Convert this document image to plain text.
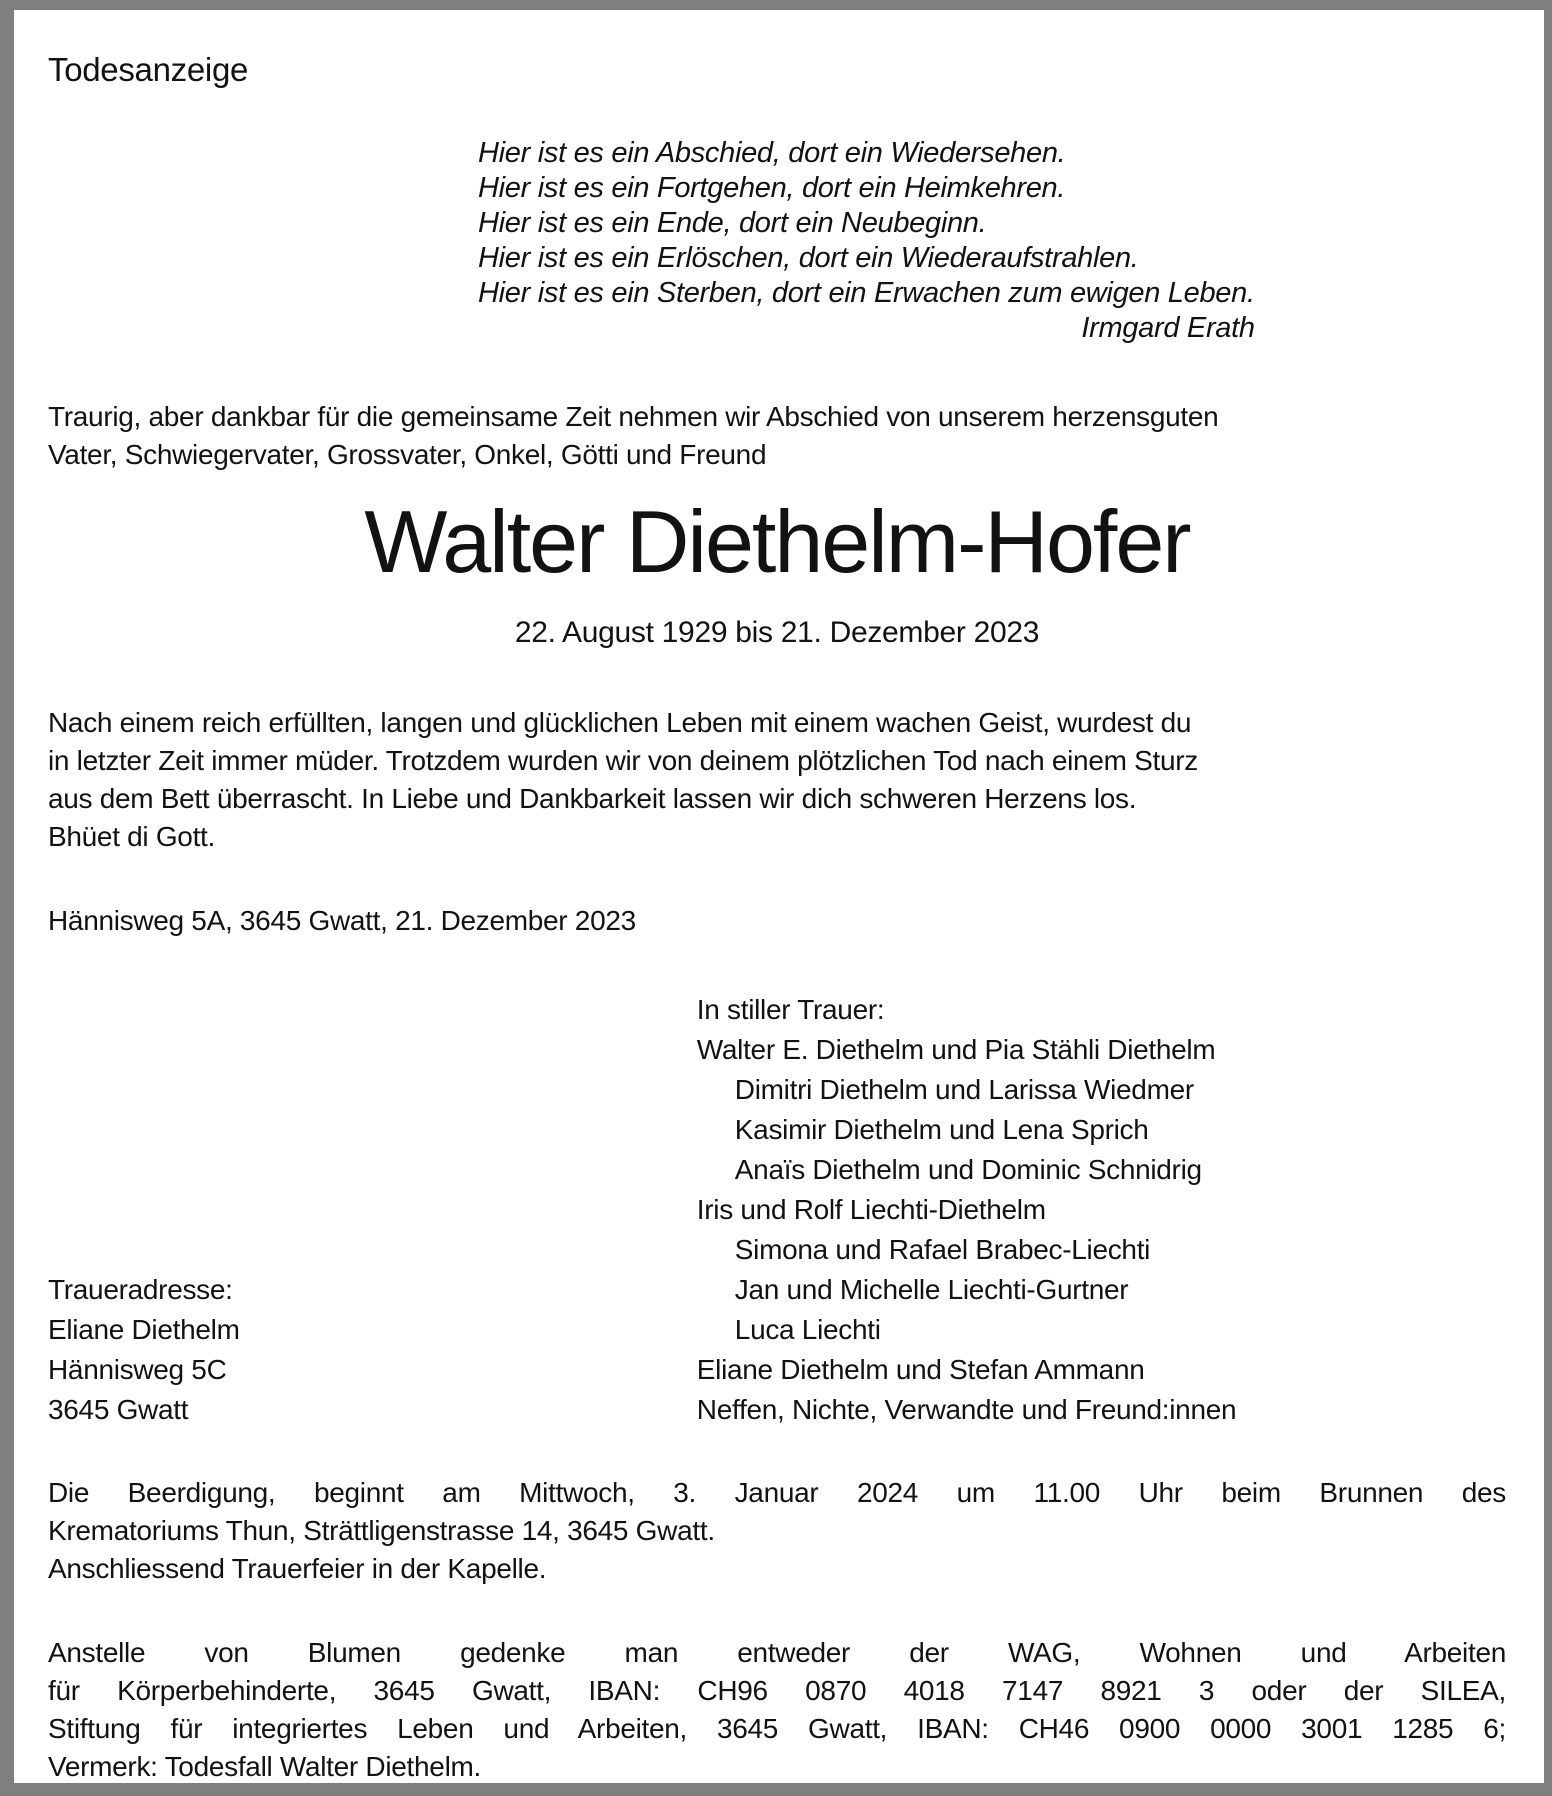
Todesanzeige
Hier ist es ein Abschied, dort ein Wiedersehen.
Hier ist es ein Fortgehen, dort ein Heimkehren.
Hier ist es ein Ende, dort ein Neubeginn.
Hier ist es ein Erlöschen, dort ein Wiederaufstrahlen.
Hier ist es ein Sterben, dort ein Erwachen zum ewigen Leben.
Irmgard Erath
Traurig, aber dankbar für die gemeinsame Zeit nehmen wir Abschied von unserem herzensguten
Vater, Schwiegervater, Grossvater, Onkel, Götti und Freund
Walter Diethelm-Hofer
22. August 1929 bis 21. Dezember 2023
Nach einem reich erfüllten, langen und glücklichen Leben mit einem wachen Geist, wurdest du
in letzter Zeit immer müder. Trotzdem wurden wir von deinem plötzlichen Tod nach einem Sturz
aus dem Bett überrascht. In Liebe und Dankbarkeit lassen wir dich schweren Herzens los.
Bhüet di Gott.
Hännisweg 5A, 3645 Gwatt, 21. Dezember 2023
Traueradresse:
Eliane Diethelm
Hännisweg 5C
3645 Gwatt
In stiller Trauer:
Walter E. Diethelm und Pia Stähli Diethelm
Dimitri Diethelm und Larissa Wiedmer
Kasimir Diethelm und Lena Sprich
Anaïs Diethelm und Dominic Schnidrig
Iris und Rolf Liechti-Diethelm
Simona und Rafael Brabec-Liechti
Jan und Michelle Liechti-Gurtner
Luca Liechti
Eliane Diethelm und Stefan Ammann
Neffen, Nichte, Verwandte und Freund:innen
Die Beerdigung, beginnt am Mittwoch, 3. Januar 2024 um 11.00 Uhr beim Brunnen des
Krematoriums Thun, Strättligenstrasse 14, 3645 Gwatt.
Anschliessend Trauerfeier in der Kapelle.
Anstelle von Blumen gedenke man entweder der WAG, Wohnen und Arbeiten
für Körperbehinderte, 3645 Gwatt, IBAN: CH96 0870 4018 7147 8921 3 oder der SILEA,
Stiftung für integriertes Leben und Arbeiten, 3645 Gwatt, IBAN: CH46 0900 0000 3001 1285 6;
Vermerk: Todesfall Walter Diethelm.
